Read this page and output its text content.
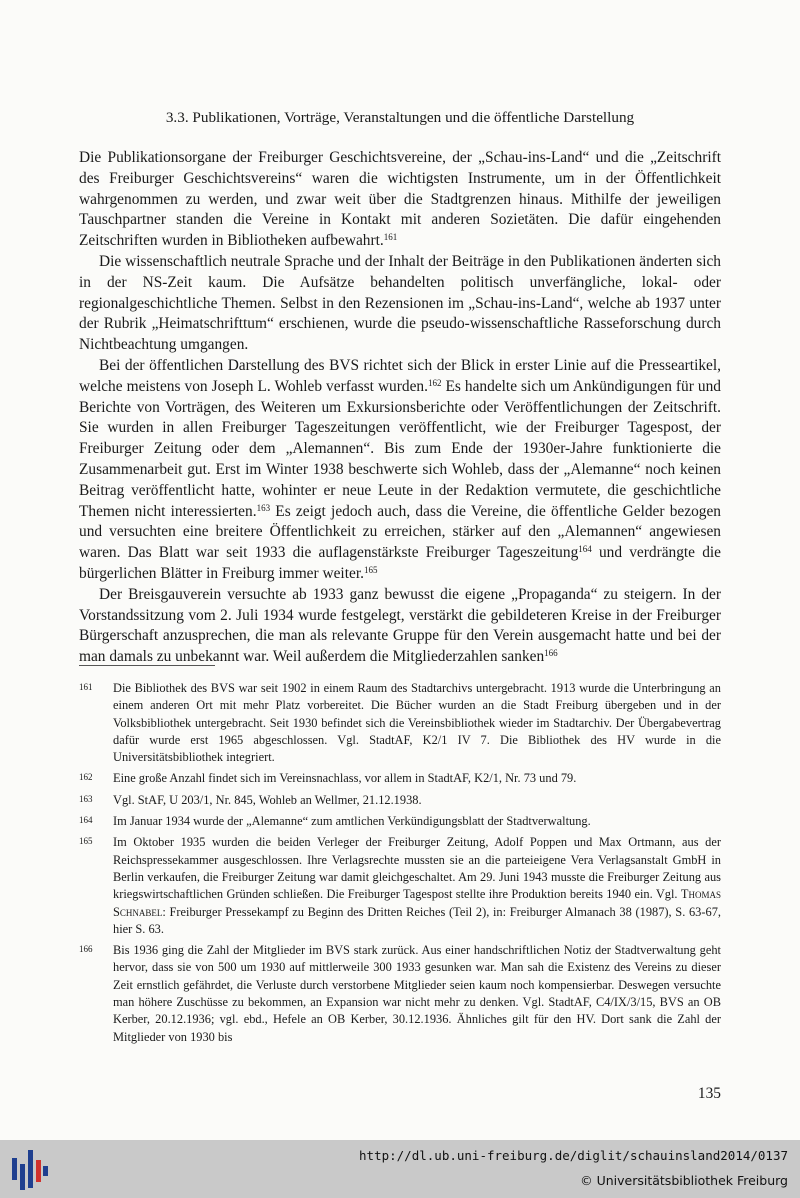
3.3. Publikationen, Vorträge, Veranstaltungen und die öffentliche Darstellung

Die Publikationsorgane der Freiburger Geschichtsvereine, der „Schau-ins-Land“ und die „Zeitschrift des Freiburger Geschichtsvereins“ waren die wichtigsten Instrumente, um in der Öffentlichkeit wahrgenommen zu werden, und zwar weit über die Stadtgrenzen hinaus. Mithilfe der jeweiligen Tauschpartner standen die Vereine in Kontakt mit anderen Sozietäten. Die dafür eingehenden Zeitschriften wurden in Bibliotheken aufbewahrt.$^{161}$

Die wissenschaftlich neutrale Sprache und der Inhalt der Beiträge in den Publikationen änderten sich in der NS-Zeit kaum. Die Aufsätze behandelten politisch unverfängliche, lokal- oder regionalgeschichtliche Themen. Selbst in den Rezensionen im „Schau-ins-Land“, welche ab 1937 unter der Rubrik „Heimatschrifttum“ erschienen, wurde die pseudo-wissenschaftliche Rasseforschung durch Nichtbeachtung umgangen.

Bei der öffentlichen Darstellung des BVS richtet sich der Blick in erster Linie auf die Presseartikel, welche meistens von Joseph L. Wohleb verfasst wurden.$^{162}$ Es handelte sich um Ankündigungen für und Berichte von Vorträgen, des Weiteren um Exkursionsberichte oder Veröffentlichungen der Zeitschrift. Sie wurden in allen Freiburger Tageszeitungen veröffentlicht, wie der Freiburger Tagespost, der Freiburger Zeitung oder dem „Alemannen“. Bis zum Ende der 1930er-Jahre funktionierte die Zusammenarbeit gut. Erst im Winter 1938 beschwerte sich Wohleb, dass der „Alemanne“ noch keinen Beitrag veröffentlicht hatte, wohinter er neue Leute in der Redaktion vermutete, die geschichtliche Themen nicht interessierten.$^{163}$ Es zeigt jedoch auch, dass die Vereine, die öffentliche Gelder bezogen und versuchten eine breitere Öffentlichkeit zu erreichen, stärker auf den „Alemannen“ angewiesen waren. Das Blatt war seit 1933 die auflagenstärkste Freiburger Tageszeitung$^{164}$ und verdrängte die bürgerlichen Blätter in Freiburg immer weiter.$^{165}$

Der Breisgauverein versuchte ab 1933 ganz bewusst die eigene „Propaganda“ zu steigern. In der Vorstandssitzung vom 2. Juli 1934 wurde festgelegt, verstärkt die gebildeteren Kreise in der Freiburger Bürgerschaft anzusprechen, die man als relevante Gruppe für den Verein ausgemacht hatte und bei der man damals zu unbekannt war. Weil außerdem die Mitgliederzahlen sanken$^{166}$

161	Die Bibliothek des BVS war seit 1902 in einem Raum des Stadtarchivs untergebracht. 1913 wurde die Unterbringung an einem anderen Ort mit mehr Platz vorbereitet. Die Bücher wurden an die Stadt Freiburg übergeben und in der Volksbibliothek untergebracht. Seit 1930 befindet sich die Vereinsbibliothek wieder im Stadtarchiv. Der Übergabevertrag dafür wurde erst 1965 abgeschlossen. Vgl. StadtAF, K2/1 IV 7. Die Bibliothek des HV wurde in die Universitätsbibliothek integriert.
162	Eine große Anzahl findet sich im Vereinsnachlass, vor allem in StadtAF, K2/1, Nr. 73 und 79.
163	Vgl. StAF, U 203/1, Nr. 845, Wohleb an Wellmer, 21.12.1938.
164	Im Januar 1934 wurde der „Alemanne“ zum amtlichen Verkündigungsblatt der Stadtverwaltung.
165	Im Oktober 1935 wurden die beiden Verleger der Freiburger Zeitung, Adolf Poppen und Max Ortmann, aus der Reichspressekammer ausgeschlossen. Ihre Verlagsrechte mussten sie an die parteieigene Vera Verlagsanstalt GmbH in Berlin verkaufen, die Freiburger Zeitung war damit gleichgeschaltet. Am 29. Juni 1943 musste die Freiburger Zeitung aus kriegswirtschaftlichen Gründen schließen. Die Freiburger Tagespost stellte ihre Produktion bereits 1940 ein. Vgl. Thomas Schnabel: Freiburger Pressekampf zu Beginn des Dritten Reiches (Teil 2), in: Freiburger Almanach 38 (1987), S. 63-67, hier S. 63.
166	Bis 1936 ging die Zahl der Mitglieder im BVS stark zurück. Aus einer handschriftlichen Notiz der Stadtverwaltung geht hervor, dass sie von 500 um 1930 auf mittlerweile 300 1933 gesunken war. Man sah die Existenz des Vereins zu dieser Zeit ernstlich gefährdet, die Verluste durch verstorbene Mitglieder seien kaum noch kompensierbar. Deswegen versuchte man höhere Zuschüsse zu bekommen, an Expansion war nicht mehr zu denken. Vgl. StadtAF, C4/IX/3/15, BVS an OB Kerber, 20.12.1936; vgl. ebd., Hefele an OB Kerber, 30.12.1936. Ähnliches gilt für den HV. Dort sank die Zahl der Mitglieder von 1930 bis
135
http://dl.ub.uni-freiburg.de/diglit/schauinsland2014/0137
© Universitätsbibliothek Freiburg
